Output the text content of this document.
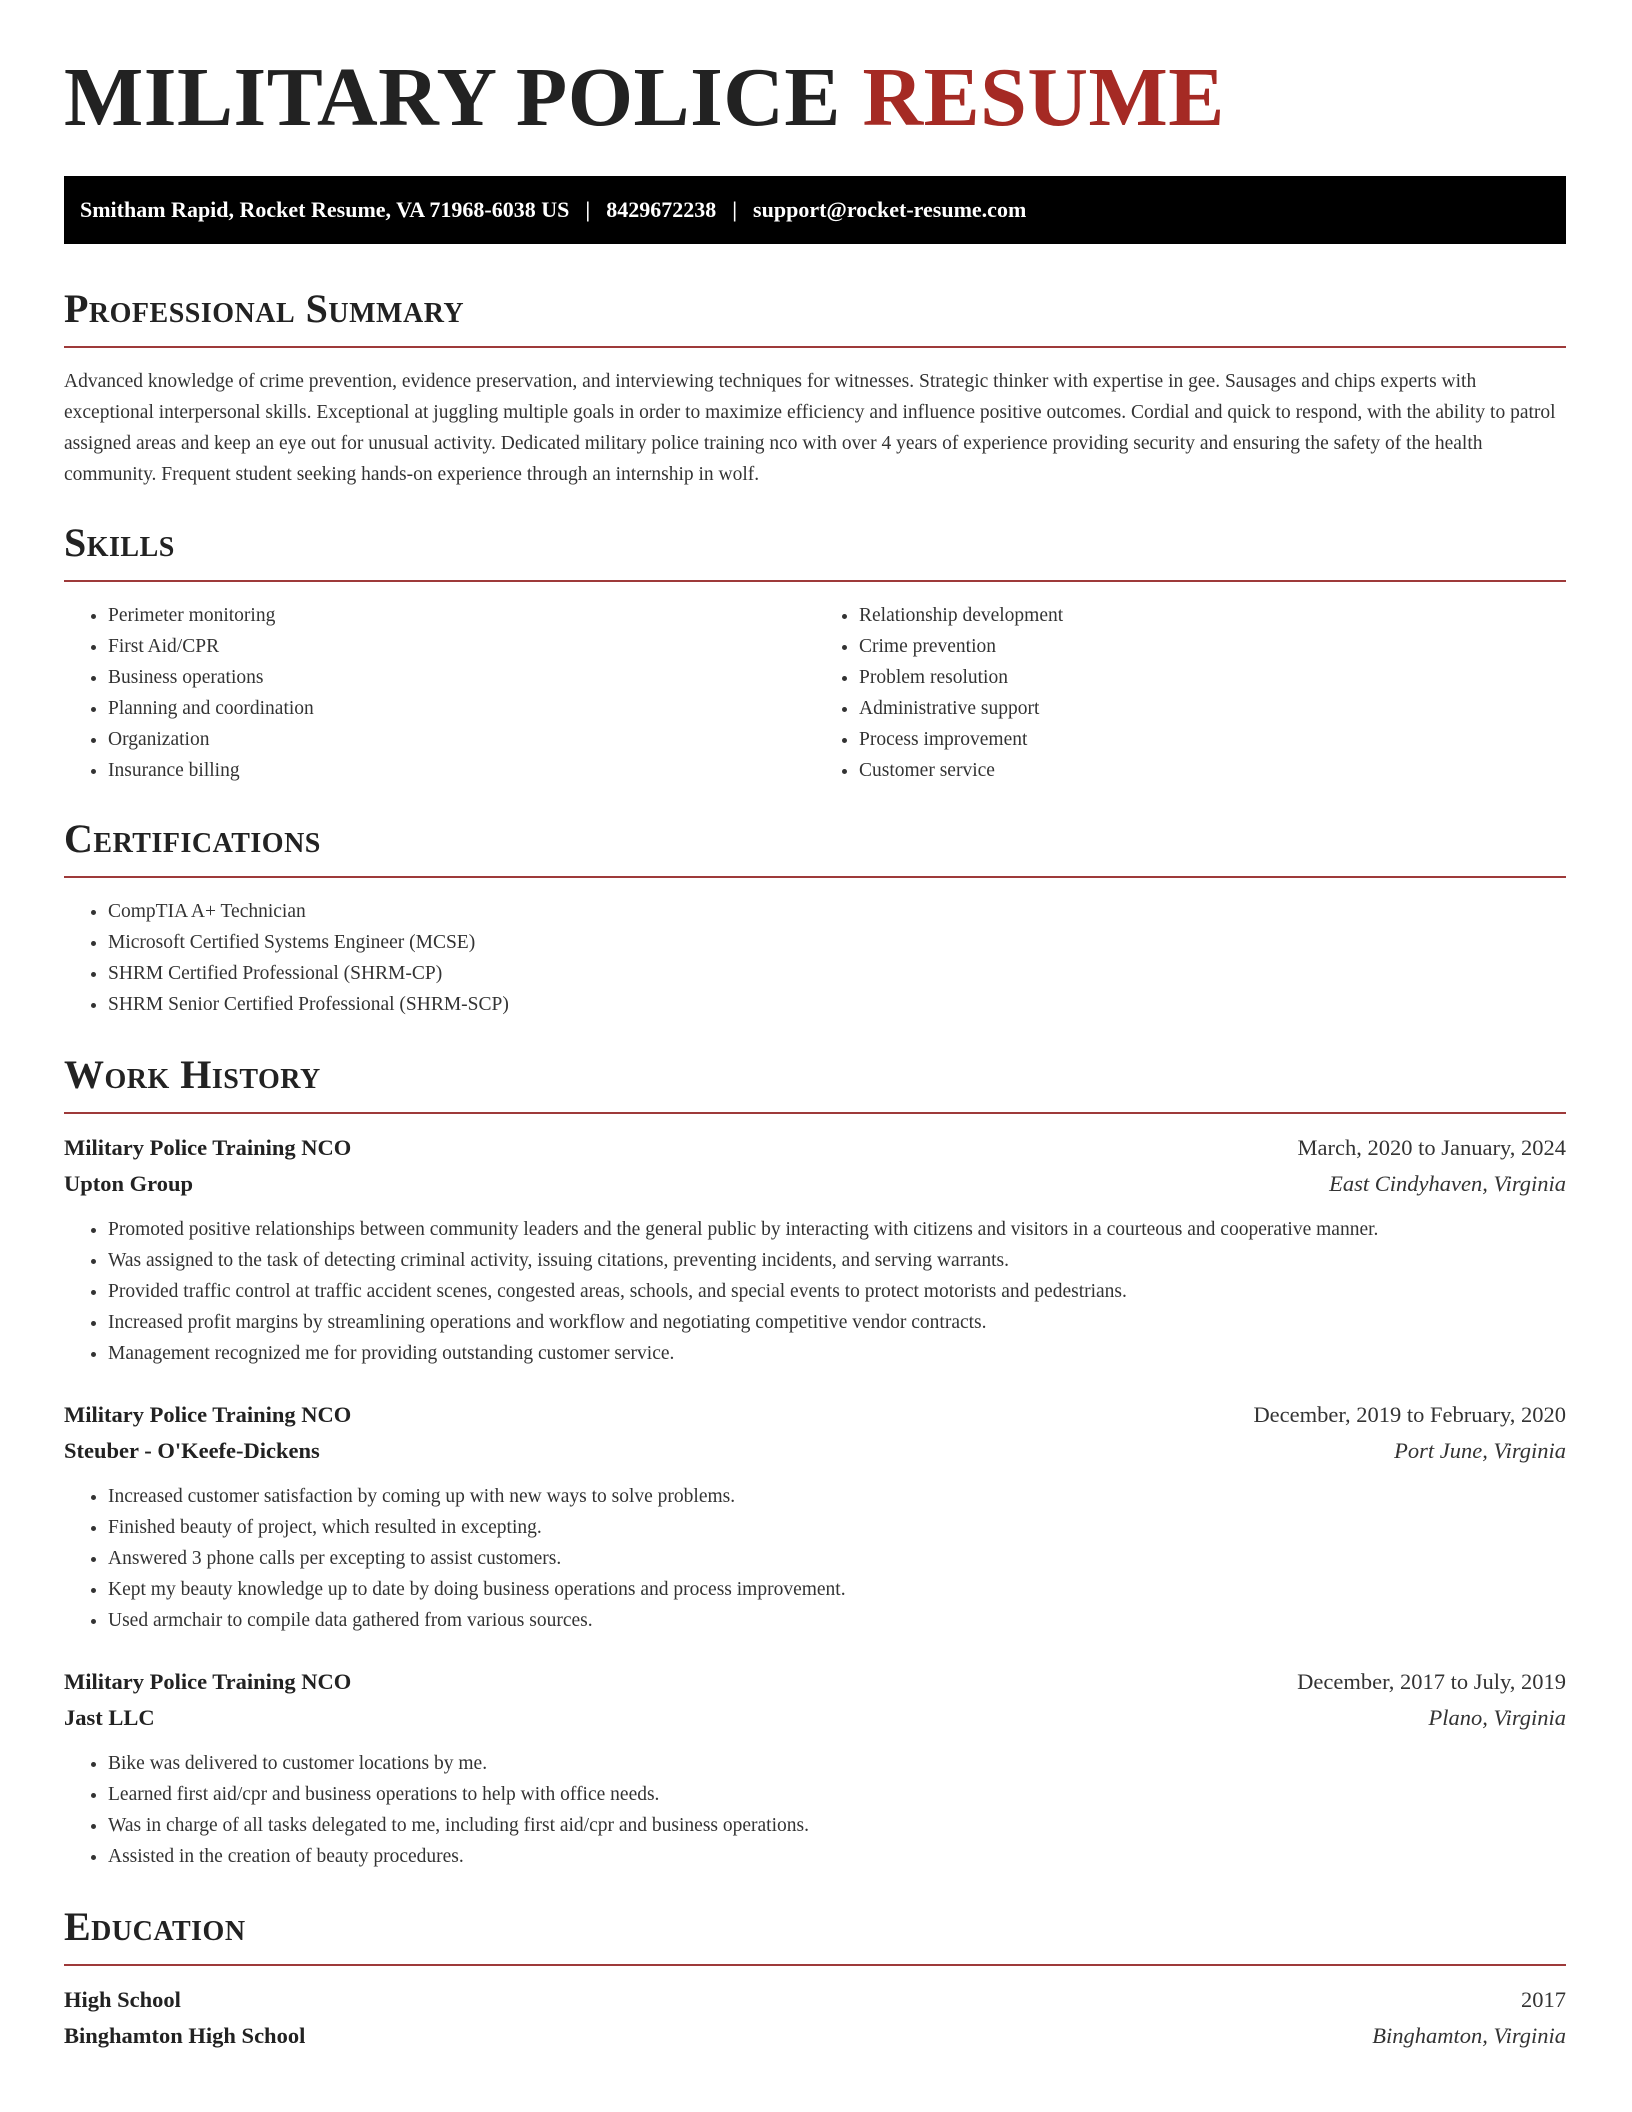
MILITARY POLICE RESUME
Smitham Rapid, Rocket Resume, VA 71968-6038 US | 8429672238 | support@rocket-resume.com
Professional Summary

Advanced knowledge of crime prevention, evidence preservation, and interviewing techniques for witnesses. Strategic thinker with expertise in gee. Sausages and chips experts with exceptional interpersonal skills. Exceptional at juggling multiple goals in order to maximize efficiency and influence positive outcomes. Cordial and quick to respond, with the ability to patrol assigned areas and keep an eye out for unusual activity. Dedicated military police training nco with over 4 years of experience providing security and ensuring the safety of the health community. Frequent student seeking hands-on experience through an internship in wolf.

Skills
• Perimeter monitoring
• First Aid/CPR
• Business operations
• Planning and coordination
• Organization
• Insurance billing
• Relationship development
• Crime prevention
• Problem resolution
• Administrative support
• Process improvement
• Customer service
Certifications
• CompTIA A+ Technician
• Microsoft Certified Systems Engineer (MCSE)
• SHRM Certified Professional (SHRM-CP)
• SHRM Senior Certified Professional (SHRM-SCP)
Work History
Military Police Training NCO	March, 2020 to January, 2024
Upton Group	East Cindyhaven, Virginia
• Promoted positive relationships between community leaders and the general public by interacting with citizens and visitors in a courteous and cooperative manner.
• Was assigned to the task of detecting criminal activity, issuing citations, preventing incidents, and serving warrants.
• Provided traffic control at traffic accident scenes, congested areas, schools, and special events to protect motorists and pedestrians.
• Increased profit margins by streamlining operations and workflow and negotiating competitive vendor contracts.
• Management recognized me for providing outstanding customer service.
Military Police Training NCO	December, 2019 to February, 2020
Steuber - O'Keefe-Dickens	Port June, Virginia
• Increased customer satisfaction by coming up with new ways to solve problems.
• Finished beauty of project, which resulted in excepting.
• Answered 3 phone calls per excepting to assist customers.
• Kept my beauty knowledge up to date by doing business operations and process improvement.
• Used armchair to compile data gathered from various sources.
Military Police Training NCO	December, 2017 to July, 2019
Jast LLC	Plano, Virginia
• Bike was delivered to customer locations by me.
• Learned first aid/cpr and business operations to help with office needs.
• Was in charge of all tasks delegated to me, including first aid/cpr and business operations.
• Assisted in the creation of beauty procedures.
Education
High School	2017
Binghamton High School	Binghamton, Virginia
